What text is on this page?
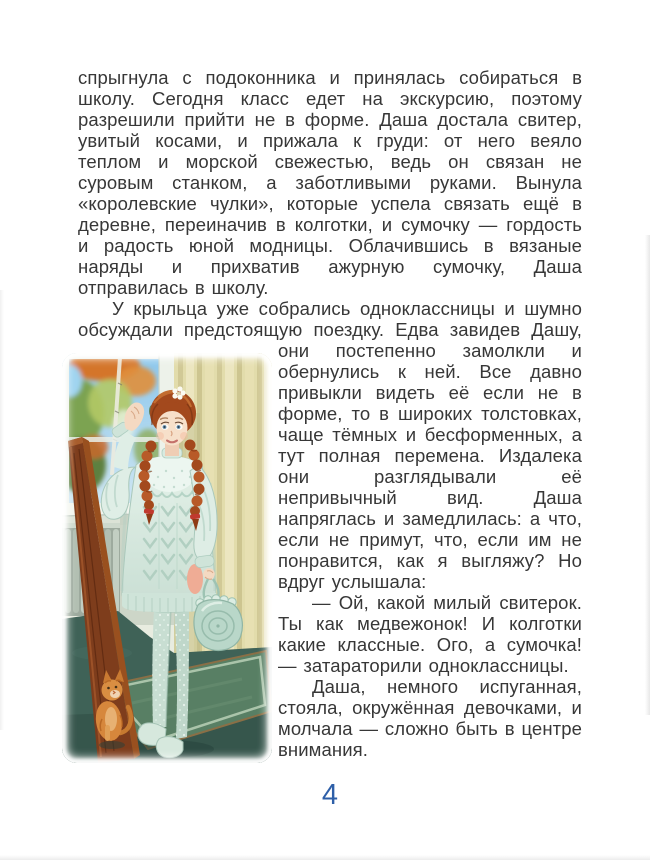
спрыгнула с подоконника и принялась собираться в школу. Сегодня класс едет на экскурсию, поэтому разрешили прийти не в форме. Даша достала свитер, увитый косами, и прижала к груди: от него веяло теплом и морской свежестью, ведь он связан не суровым станком, а заботливыми руками. Вынула «королевские чулки», которые успела связать ещё в деревне, переиначив в колготки, и сумочку — гордость и радость юной модницы. Облачившись в вязаные наряды и прихватив ажурную сумочку, Даша отправилась в школу.

У крыльца уже собрались одноклассницы и шумно обсуждали предстоящую поездку. Едва завидев Дашу, они постепенно замолкли и обернулись к ней. Все давно привыкли видеть её если не в форме, то в широких толстовках, чаще тёмных и бесформенных, а тут полная перемена. Издалека они разглядывали её непривычный вид. Даша напряглась и замедлилась: а что, если не примут, что, если им не понравится, как я выгляжу? Но вдруг услышала:

— Ой, какой милый свитерок. Ты как медвежонок! И колготки какие классные. Ого, а сумочка! — затараторили одноклассницы.

Даша, немного испуганная, стояла, окружённая девочками, и молчала — сложно быть в центре внимания.

4
